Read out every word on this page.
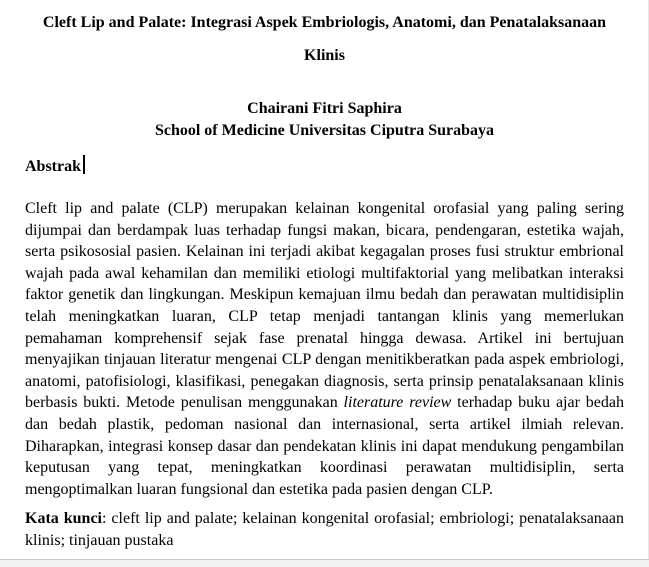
Cleft Lip and Palate: Integrasi Aspek Embriologis, Anatomi, dan Penatalaksanaan Klinis
Chairani Fitri Saphira
School of Medicine Universitas Ciputra Surabaya
Abstrak
Cleft lip and palate (CLP) merupakan kelainan kongenital orofasial yang paling sering dijumpai dan berdampak luas terhadap fungsi makan, bicara, pendengaran, estetika wajah, serta psikososial pasien. Kelainan ini terjadi akibat kegagalan proses fusi struktur embrional wajah pada awal kehamilan dan memiliki etiologi multifaktorial yang melibatkan interaksi faktor genetik dan lingkungan. Meskipun kemajuan ilmu bedah dan perawatan multidisiplin telah meningkatkan luaran, CLP tetap menjadi tantangan klinis yang memerlukan pemahaman komprehensif sejak fase prenatal hingga dewasa. Artikel ini bertujuan menyajikan tinjauan literatur mengenai CLP dengan menitikberatkan pada aspek embriologi, anatomi, patofisiologi, klasifikasi, penegakan diagnosis, serta prinsip penatalaksanaan klinis berbasis bukti. Metode penulisan menggunakan literature review terhadap buku ajar bedah dan bedah plastik, pedoman nasional dan internasional, serta artikel ilmiah relevan. Diharapkan, integrasi konsep dasar dan pendekatan klinis ini dapat mendukung pengambilan keputusan yang tepat, meningkatkan koordinasi perawatan multidisiplin, serta mengoptimalkan luaran fungsional dan estetika pada pasien dengan CLP.
Kata kunci: cleft lip and palate; kelainan kongenital orofasial; embriologi; penatalaksanaan klinis; tinjauan pustaka
